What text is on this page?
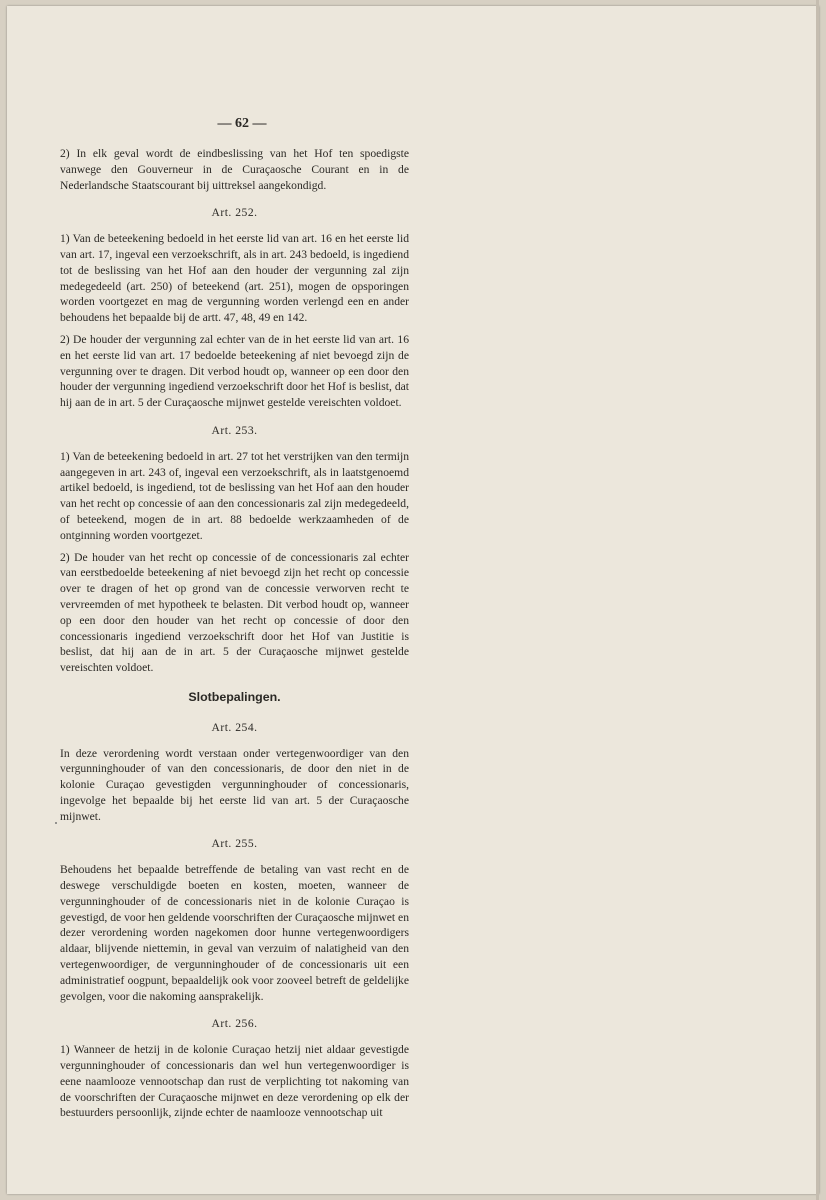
— 62 —

2) In elk geval wordt de eindbeslissing van het Hof ten spoedigste vanwege den Gouverneur in de Curaçaosche Courant en in de Nederlandsche Staatscourant bij uittreksel aangekondigd.

Art. 252.

1) Van de beteekening bedoeld in het eerste lid van art. 16 en het eerste lid van art. 17, ingeval een verzoekschrift, als in art. 243 bedoeld, is ingediend tot de beslissing van het Hof aan den houder der vergunning zal zijn medegedeeld (art. 250) of beteekend (art. 251), mogen de opsporingen worden voortgezet en mag de vergunning worden verlengd een en ander behoudens het bepaalde bij de artt. 47, 48, 49 en 142.

2) De houder der vergunning zal echter van de in het eerste lid van art. 16 en het eerste lid van art. 17 bedoelde beteekening af niet bevoegd zijn de vergunning over te dragen. Dit verbod houdt op, wanneer op een door den houder der vergunning ingediend verzoekschrift door het Hof is beslist, dat hij aan de in art. 5 der Curaçaosche mijnwet gestelde vereischten voldoet.

Art. 253.

1) Van de beteekening bedoeld in art. 27 tot het verstrijken van den termijn aangegeven in art. 243 of, ingeval een verzoekschrift, als in laatstgenoemd artikel bedoeld, is ingediend, tot de beslissing van het Hof aan den houder van het recht op concessie of aan den concessionaris zal zijn medegedeeld, of beteekend, mogen de in art. 88 bedoelde werkzaamheden of de ontginning worden voortgezet.

2) De houder van het recht op concessie of de concessionaris zal echter van eerstbedoelde beteekening af niet bevoegd zijn het recht op concessie over te dragen of het op grond van de concessie verworven recht te vervreemden of met hypotheek te belasten. Dit verbod houdt op, wanneer op een door den houder van het recht op concessie of door den concessionaris ingediend verzoekschrift door het Hof van Justitie is beslist, dat hij aan de in art. 5 der Curaçaosche mijnwet gestelde vereischten voldoet.

Slotbepalingen.
Art. 254.

In deze verordening wordt verstaan onder vertegenwoordiger van den vergunninghouder of van den concessionaris, de door den niet in de kolonie Curaçao gevestigden vergunninghouder of concessionaris, ingevolge het bepaalde bij het eerste lid van art. 5 der Curaçaosche mijnwet.

Art. 255.

Behoudens het bepaalde betreffende de betaling van vast recht en de deswege verschuldigde boeten en kosten, moeten, wanneer de vergunninghouder of de concessionaris niet in de kolonie Curaçao is gevestigd, de voor hen geldende voorschriften der Curaçaosche mijnwet en dezer verordening worden nagekomen door hunne vertegenwoordigers aldaar, blijvende niettemin, in geval van verzuim of nalatigheid van den vertegenwoordiger, de vergunninghouder of de concessionaris uit een administratief oogpunt, bepaaldelijk ook voor zooveel betreft de geldelijke gevolgen, voor die nakoming aansprakelijk.

Art. 256.

1) Wanneer de hetzij in de kolonie Curaçao hetzij niet aldaar gevestigde vergunninghouder of concessionaris dan wel hun vertegenwoordiger is eene naamlooze vennootschap dan rust de verplichting tot nakoming van de voorschriften der Curaçaosche mijnwet en deze verordening op elk der bestuurders persoonlijk, zijnde echter de naamlooze vennootschap uit
